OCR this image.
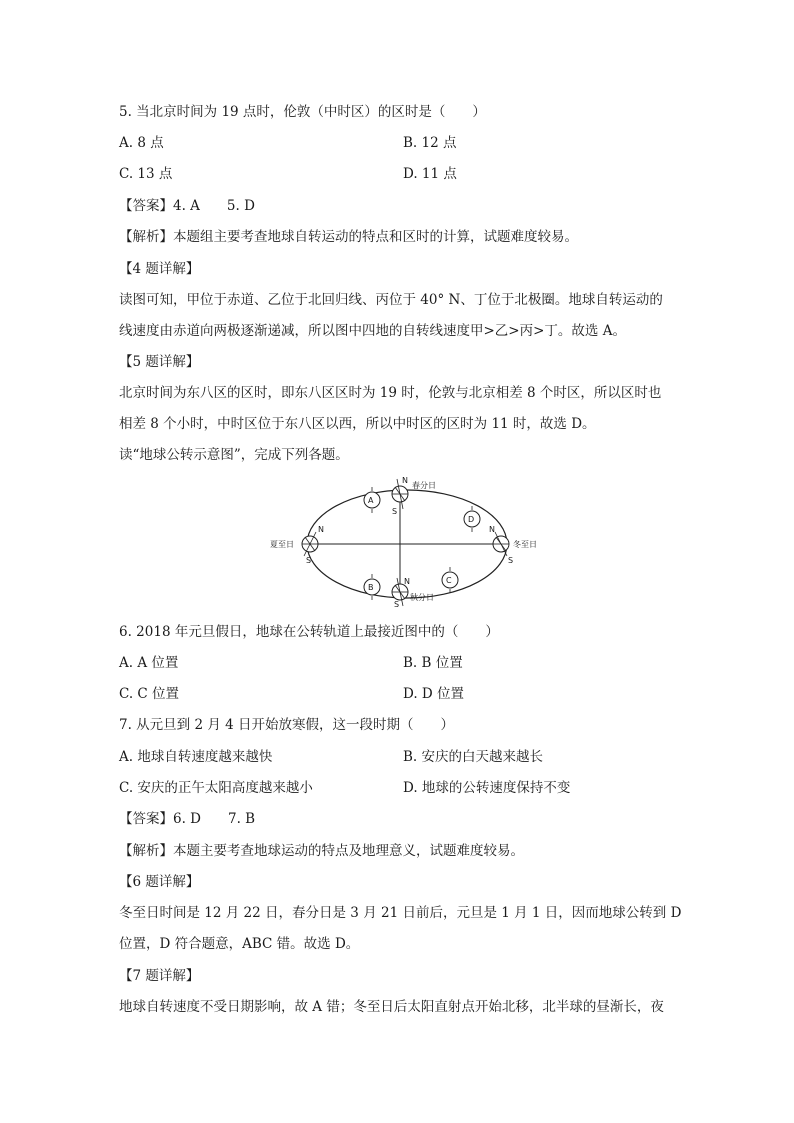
5. 当北京时间为 19 点时，伦敦（中时区）的区时是（　　）
A. 8 点	B. 12 点
C. 13 点	D. 11 点
【答案】4. A　　5. D
【解析】本题组主要考查地球自转运动的特点和区时的计算，试题难度较易。
【4 题详解】
读图可知，甲位于赤道、乙位于北回归线、丙位于 40° N、丁位于北极圈。地球自转运动的
线速度由赤道向两极逐渐递减，所以图中四地的自转线速度甲>乙>丙>丁。故选 A。
【5 题详解】
北京时间为东八区的区时，即东八区区时为 19 时，伦敦与北京相差 8 个时区，所以区时也
相差 8 个小时，中时区位于东八区以西，所以中时区的区时为 11 时，故选 D。
读“地球公转示意图”，完成下列各题。
N
S
春分日
N
S
秋分日
N
S
夏至日
N
S
冬至日
A
B
C
D
6. 2018 年元旦假日，地球在公转轨道上最接近图中的（　　）
A. A 位置	B. B 位置
C. C 位置	D. D 位置
7. 从元旦到 2 月 4 日开始放寒假，这一段时期（　　）
A. 地球自转速度越来越快	B. 安庆的白天越来越长
C. 安庆的正午太阳高度越来越小	D. 地球的公转速度保持不变
【答案】6. D　　7. B
【解析】本题主要考查地球运动的特点及地理意义，试题难度较易。
【6 题详解】
冬至日时间是 12 月 22 日，春分日是 3 月 21 日前后，元旦是 1 月 1 日，因而地球公转到 D
位置，D 符合题意，ABC 错。故选 D。
【7 题详解】
地球自转速度不受日期影响，故 A 错；冬至日后太阳直射点开始北移，北半球的昼渐长，夜
